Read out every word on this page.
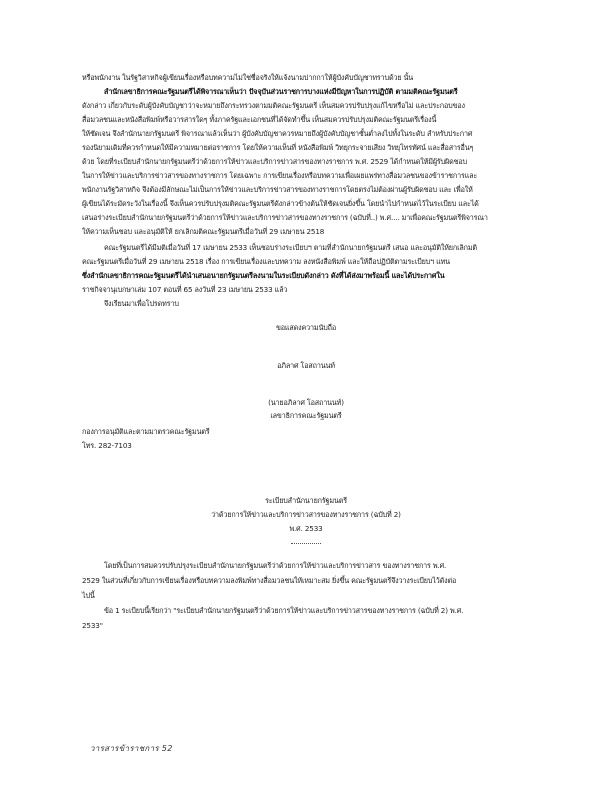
หรือพนักงาน ในรัฐวิสาหกิจผู้เขียนเรื่องหรือบทความไม่ใช่ชื่อจริงให้แจ้งนามปากกาให้ผู้บังคับบัญชาทราบด้วย นั้น
สำนักเลขาธิการคณะรัฐมนตรีได้พิจารณาเห็นว่า ปัจจุบันส่วนราชการบางแห่งมีปัญหาในการปฏิบัติ ตามมติคณะรัฐมนตรี
ดังกล่าว เกี่ยวกับระดับผู้บังคับบัญชาว่าจะหมายถึงกระทรวงตามมติคณะรัฐมนตรี เห็นสมควรปรับปรุงแก้ไขหรือไม่ และประกอบของ
สื่อมวลชนและหนังสือพิมพ์หรือวารสารใดๆ ทั้งภาครัฐและเอกชนที่ได้จัดทำขึ้น เห็นสมควรปรับปรุงมติคณะรัฐมนตรีเรื่องนี้
ให้ชัดเจน จึงสำนักนายกรัฐมนตรี พิจารณาแล้วเห็นว่า ผู้บังคับบัญชาควรหมายถึงผู้บังคับบัญชาชั้นต่ำลงไปทั้งในระดับ สำหรับประกาศ
รองนิยามเดิมที่ควรกำหนดให้มีความหมายต่อราชการ โดยให้ความเห็นที่ หนังสือพิมพ์ วิทยุกระจายเสียง วิทยุโทรทัศน์ และสื่อสารอื่นๆ
ด้วย โดยที่ระเบียบสำนักนายกรัฐมนตรีว่าด้วยการให้ข่าวและบริการข่าวสารของทางราชการ พ.ศ. 2529 ได้กำหนดให้มีผู้รับผิดชอบ
ในการให้ข่าวและบริการข่าวสารของทางราชการ โดยเฉพาะ การเขียนเรื่องหรือบทความเพื่อเผยแพร่ทางสื่อมวลชนของข้าราชการและ
พนักงานรัฐวิสาหกิจ จึงต้องมีลักษณะไม่เป็นการให้ข่าวและบริการข่าวสารของทางราชการโดยตรงไม่ต้องผ่านผู้รับผิดชอบ และ เพื่อให้
ผู้เขียนได้ระมัดระวังในเรื่องนี้ จึงเห็นควรปรับปรุงมติคณะรัฐมนตรีดังกล่าวข้างต้นให้ชัดเจนยิ่งขึ้น โดยนำไปกำหนดไว้ในระเบียบ และได้
เสนอร่างระเบียบสำนักนายกรัฐมนตรีว่าด้วยการให้ข่าวและบริการข่าวสารของทางราชการ (ฉบับที่..) พ.ศ.... มาเพื่อคณะรัฐมนตรีพิจารณา
ให้ความเห็นชอบ และอนุมัติให้ ยกเลิกมติคณะรัฐมนตรีเมื่อวันที่ 29 เมษายน 2518
คณะรัฐมนตรีได้มีมติเมื่อวันที่ 17 เมษายน 2533 เห็นชอบร่างระเบียบฯ ตามที่สำนักนายกรัฐมนตรี เสนอ และอนุมัติให้ยกเลิกมติ
คณะรัฐมนตรีเมื่อวันที่ 29 เมษายน 2518 เรื่อง การเขียนเรื่องและบทความ ลงหนังสือพิมพ์ และให้ถือปฏิบัติตามระเบียบฯ แทน
ซึ่งสำนักเลขาธิการคณะรัฐมนตรีได้นำเสนอนายกรัฐมนตรีลงนามในระเบียบดังกล่าว ดังที่ได้ส่งมาพร้อมนี้ และได้ประกาศใน
ราชกิจจานุเบกษาเล่ม 107 ตอนที่ 65 ลงวันที่ 23 เมษายน 2533 แล้ว
จึงเรียนมาเพื่อโปรดทราบ
ขอแสดงความนับถือ
อภิลาศ โอสถานนท์
(นายอภิลาศ โอสถานนท์)
เลขาธิการคณะรัฐมนตรี
กองการอนุมัติและตามมาตรวคณะรัฐมนตรี
โทร. 282-7103
ระเบียบสำนักนายกรัฐมนตรี
ว่าด้วยการให้ข่าวและบริการข่าวสารของทางราชการ (ฉบับที่ 2)
พ.ศ. 2533
โดยที่เป็นการสมควรปรับปรุงระเบียบสำนักนายกรัฐมนตรีว่าด้วยการให้ข่าวและบริการข่าวสาร ของทางราชการ พ.ศ.
2529 ในส่วนที่เกี่ยวกับการเขียนเรื่องหรือบทความลงพิมพ์ทางสื่อมวลชนให้เหมาะสม ยิ่งขึ้น คณะรัฐมนตรีจึงวางระเบียบไว้ดังต่อ
ไปนี้
ข้อ 1 ระเบียบนี้เรียกว่า "ระเบียบสำนักนายกรัฐมนตรีว่าด้วยการให้ข่าวและบริการข่าวสารของทางราชการ (ฉบับที่ 2) พ.ศ.
2533"
วารสารข้าราชการ 52
